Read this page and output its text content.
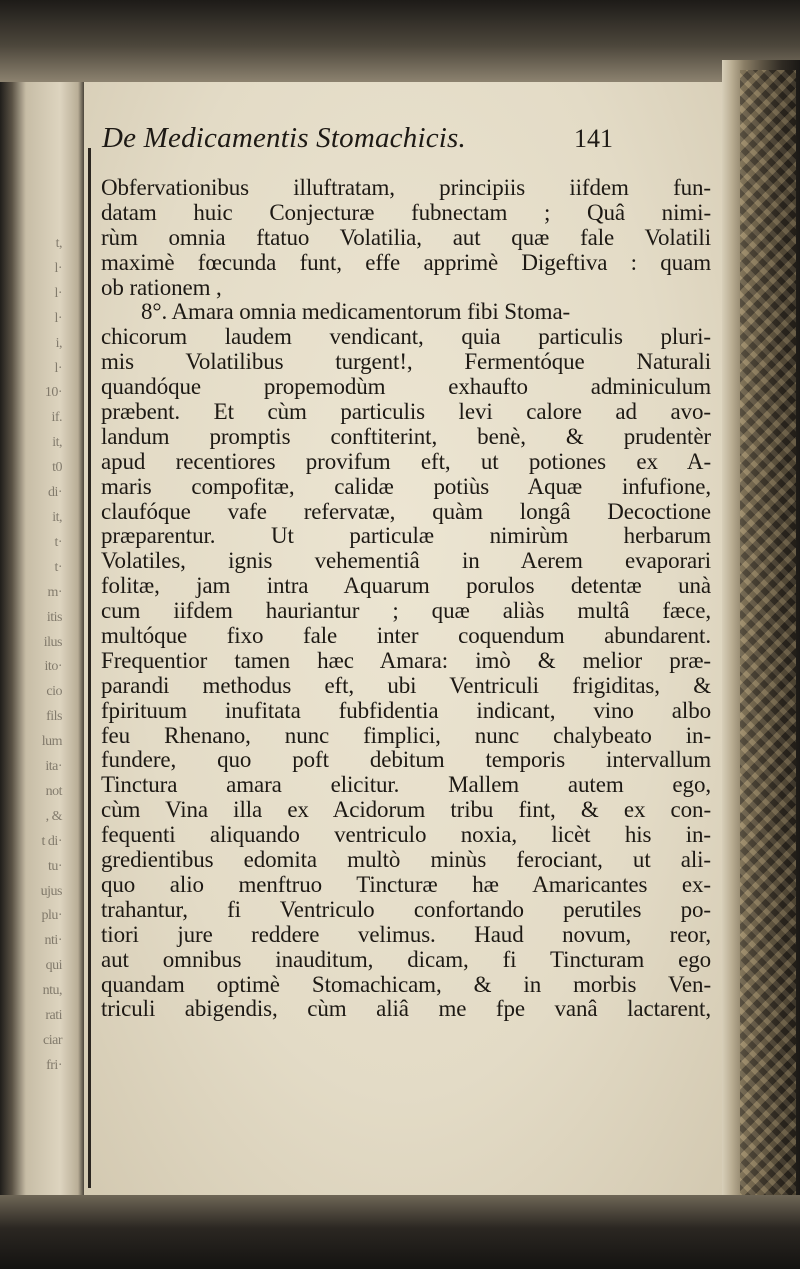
t,
l·
l·
l·
i,
l·
10·
if.
it,
t0
di·
it,
t·
t·
m·
itis
ilus
ito·
cio
fils
lum
ita·
not
, &
t di·
tu·
ujus
plu·
nti·
qui
ntu,
rati
ciar
fri·
De Medicamentis Stomachicis.	141
Obfervationibus illuftratam, principiis iifdem fun-
datam huic Conjecturæ fubnectam ; Quâ nimi-
rùm omnia ftatuo Volatilia, aut quæ fale Volatili
maximè fœcunda funt, effe apprimè Digeftiva : quam
ob rationem ,
8°. Amara omnia medicamentorum fibi Stoma-
chicorum laudem vendicant, quia particulis pluri-
mis Volatilibus turgent!, Fermentóque Naturali
quandóque propemodùm exhaufto adminiculum
præbent. Et cùm particulis levi calore ad avo-
landum promptis conftiterint, benè, & prudentèr
apud recentiores provifum eft, ut potiones ex A-
maris compofitæ, calidæ potiùs Aquæ infufione,
claufóque vafe refervatæ, quàm longâ Decoctione
præparentur. Ut particulæ nimirùm herbarum
Volatiles, ignis vehementiâ in Aerem evaporari
folitæ, jam intra Aquarum porulos detentæ unà
cum iifdem hauriantur ; quæ aliàs multâ fæce,
multóque fixo fale inter coquendum abundarent.
Frequentior tamen hæc Amara: imò & melior præ-
parandi methodus eft, ubi Ventriculi frigiditas, &
fpirituum inufitata fubfidentia indicant, vino albo
feu Rhenano, nunc fimplici, nunc chalybeato in-
fundere, quo poft debitum temporis intervallum
Tinctura amara elicitur. Mallem autem ego,
cùm Vina illa ex Acidorum tribu fint, & ex con-
fequenti aliquando ventriculo noxia, licèt his in-
gredientibus edomita multò minùs ferociant, ut ali-
quo alio menftruo Tincturæ hæ Amaricantes ex-
trahantur, fi Ventriculo confortando perutiles po-
tiori jure reddere velimus. Haud novum, reor,
aut omnibus inauditum, dicam, fi Tincturam ego
quandam optimè Stomachicam, & in morbis Ven-
triculi abigendis, cùm aliâ me fpe vanâ lactarent,
